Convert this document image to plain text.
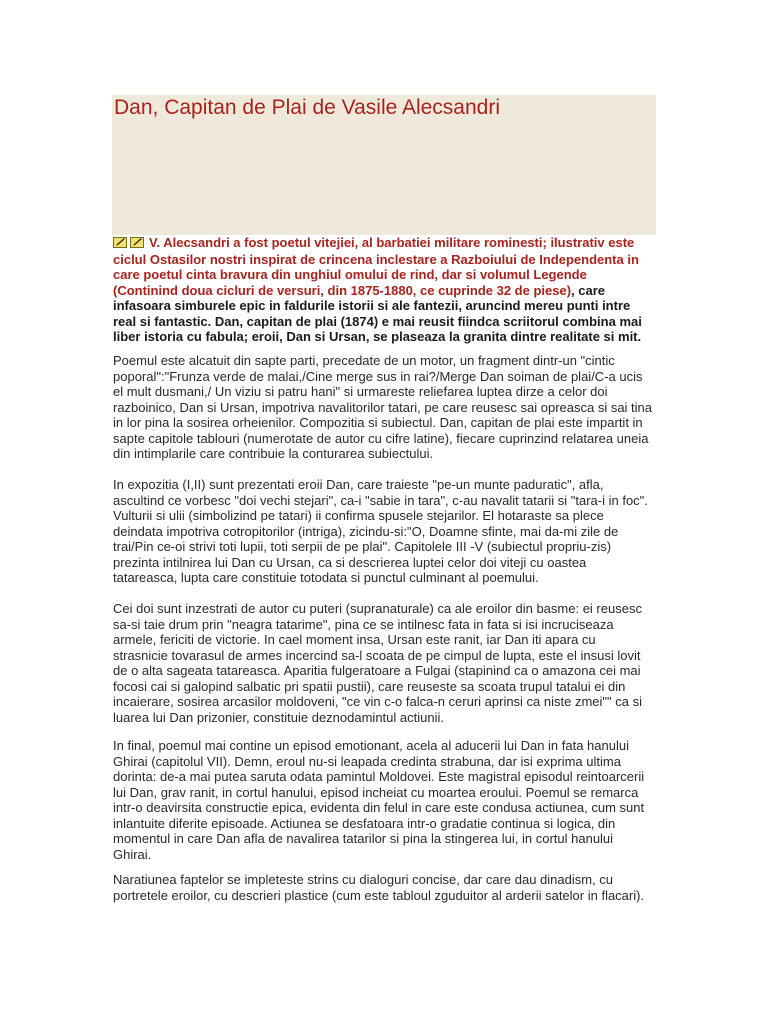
Dan, Capitan de Plai de Vasile Alecsandri

V. Alecsandri a fost poetul vitejiei, al barbatiei militare rominesti; ilustrativ este ciclul Ostasilor nostri inspirat de crincena inclestare a Razboiului de Independenta in care poetul cinta bravura din unghiul omului de rind, dar si volumul Legende (Continind doua cicluri de versuri, din 1875-1880, ce cuprinde 32 de piese), care infasoara simburele epic in faldurile istorii si ale fantezii, aruncind mereu punti intre real si fantastic. Dan, capitan de plai (1874) e mai reusit fiindca scriitorul combina mai liber istoria cu fabula; eroii, Dan si Ursan, se plaseaza la granita dintre realitate si mit.

Poemul este alcatuit din sapte parti, precedate de un motor, un fragment dintr-un "cintic poporal":"Frunza verde de malai,/Cine merge sus in rai?/Merge Dan soiman de plai/C-a ucis el mult dusmani,/ Un viziu si patru hani" si urmareste reliefarea luptea dirze a celor doi razboinico, Dan si Ursan, impotriva navalitorilor tatari, pe care reusesc sai opreasca si sai tina in lor pina la sosirea orheienilor. Compozitia si subiectul. Dan, capitan de plai este impartit in sapte capitole tablouri (numerotate de autor cu cifre latine), fiecare cuprinzind relatarea uneia din intimplarile care contribuie la conturarea subiectului.

In expozitia (I,II) sunt prezentati eroii Dan, care traieste "pe-un munte paduratic", afla, ascultind ce vorbesc "doi vechi stejari", ca-i "sabie in tara", c-au navalit tatarii si "tara-i in foc". Vulturii si ulii (simbolizind pe tatari) ii confirma spusele stejarilor. El hotaraste sa plece deindata impotriva cotropitorilor (intriga), zicindu-si:"O, Doamne sfinte, mai da-mi zile de trai/Pin ce-oi strivi toti lupii, toti serpii de pe plai". Capitolele III -V (subiectul propriu-zis) prezinta intilnirea lui Dan cu Ursan, ca si descrierea luptei celor doi viteji cu oastea tatareasca, lupta care constituie totodata si punctul culminant al poemului.

Cei doi sunt inzestrati de autor cu puteri (supranaturale) ca ale eroilor din basme: ei reusesc sa-si taie drum prin "neagra tatarime", pina ce se intilnesc fata in fata si isi incruciseaza armele, fericiti de victorie. In cael moment insa, Ursan este ranit, iar Dan iti apara cu strasnicie tovarasul de armes incercind sa-l scoata de pe cimpul de lupta, este el insusi lovit de o alta sageata tatareasca. Aparitia fulgeratoare a Fulgai (stapinind ca o amazona cei mai focosi cai si galopind salbatic pri spatii pustii), care reuseste sa scoata trupul tatalui ei din incaierare, sosirea arcasilor moldoveni, "ce vin c-o falca-n ceruri aprinsi ca niste zmei"" ca si luarea lui Dan prizonier, constituie deznodamintul actiunii.

In final, poemul mai contine un episod emotionant, acela al aducerii lui Dan in fata hanului Ghirai (capitolul VII). Demn, eroul nu-si leapada credinta strabuna, dar isi exprima ultima dorinta: de-a mai putea saruta odata pamintul Moldovei. Este magistral episodul reintoarcerii lui Dan, grav ranit, in cortul hanului, episod incheiat cu moartea eroului. Poemul se remarca intr-o deavirsita constructie epica, evidenta din felul in care este condusa actiunea, cum sunt inlantuite diferite episoade. Actiunea se desfatoara intr-o gradatie continua si logica, din momentul in care Dan afla de navalirea tatarilor si pina la stingerea lui, in cortul hanului Ghirai.

Naratiunea faptelor se impleteste strins cu dialoguri concise, dar care dau dinadism, cu portretele eroilor, cu descrieri plastice (cum este tabloul zguduitor al arderii satelor in flacari).
